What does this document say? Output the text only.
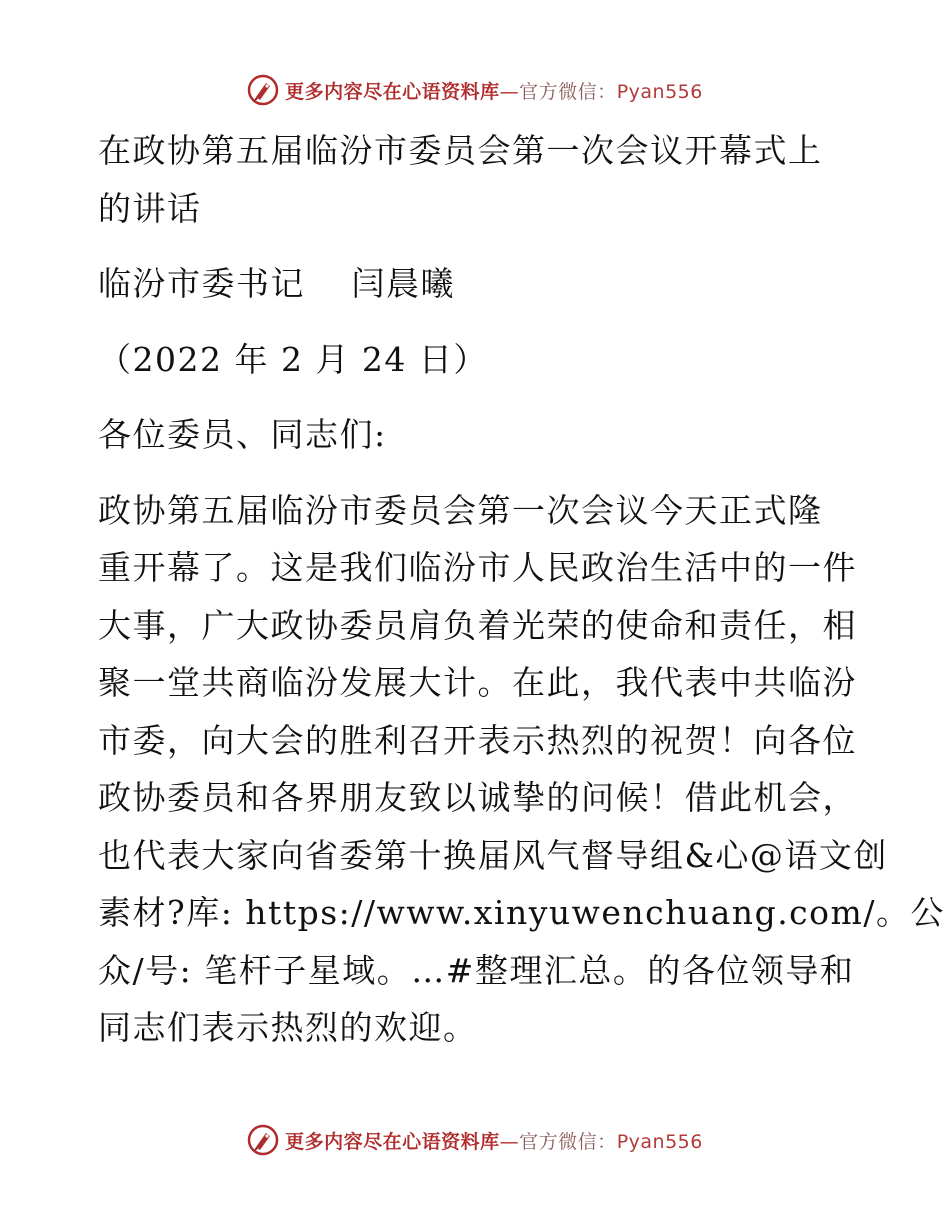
更多内容尽在心语资料库—官方微信：Pyan556
在政协第五届临汾市委员会第一次会议开幕式上
的讲话
临汾市委书记　 闫晨曦
（2022 年 2 月 24 日）
各位委员、同志们:
政协第五届临汾市委员会第一次会议今天正式隆
重开幕了。这是我们临汾市人民政治生活中的一件
大事，广大政协委员肩负着光荣的使命和责任，相
聚一堂共商临汾发展大计。在此，我代表中共临汾
市委，向大会的胜利召开表示热烈的祝贺！向各位
政协委员和各界朋友致以诚挚的问候！借此机会，
也代表大家向省委第十换届风气督导组&心@语文创
素材?库: https://www.xinyuwenchuang.com/。公
众/号: 笔杆子星域。…#整理汇总。的各位领导和
同志们表示热烈的欢迎。
更多内容尽在心语资料库—官方微信：Pyan556
